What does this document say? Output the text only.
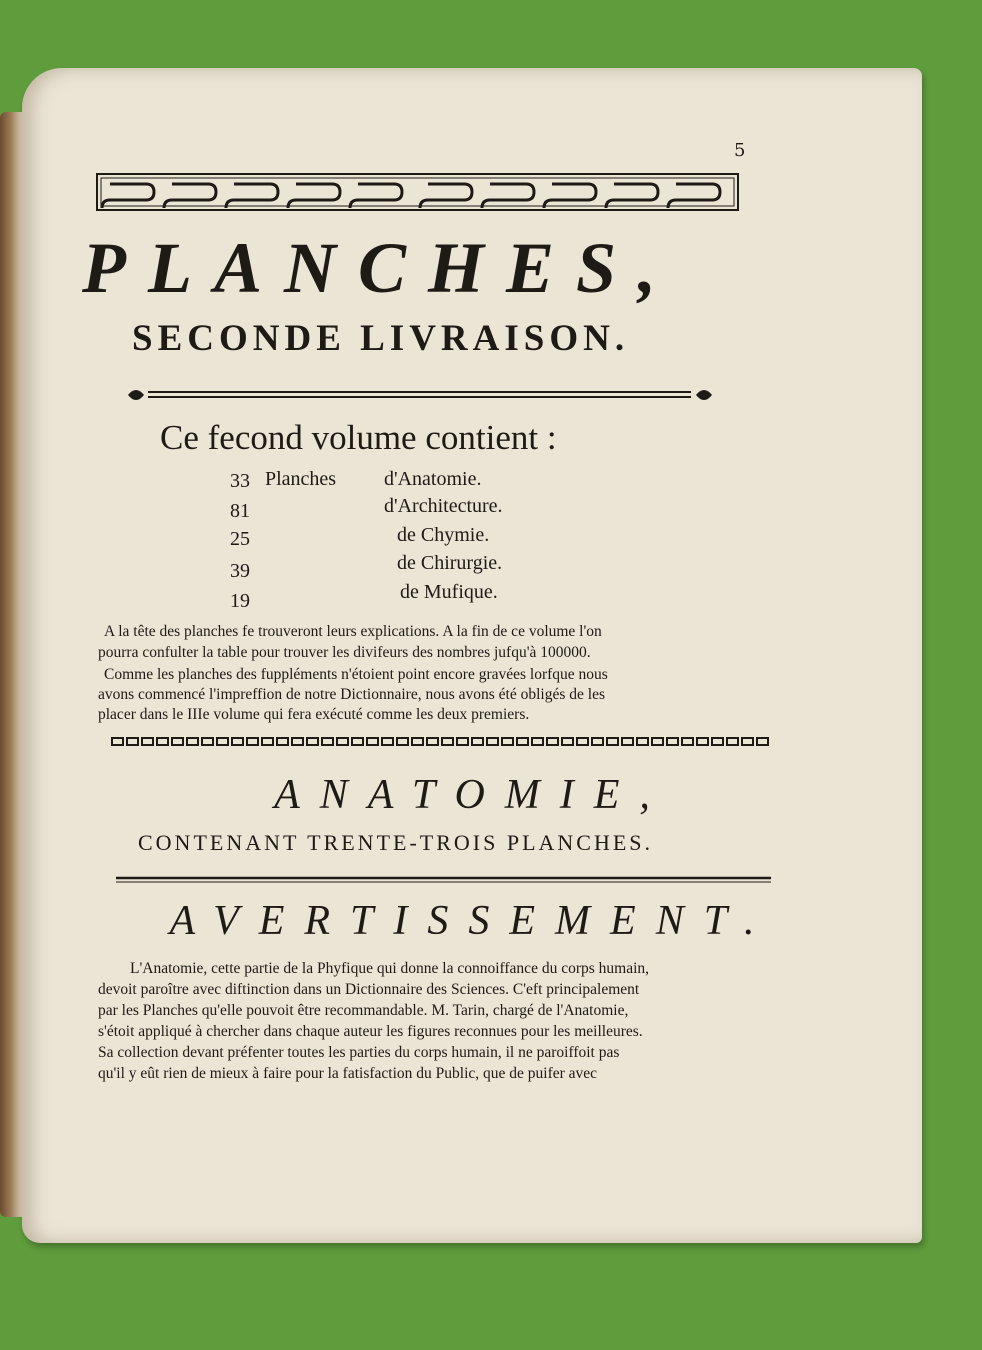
5
PLANCHES,
SECONDE LIVRAISON.
Ce fecond volume contient :
33 Planches d'Anatomie.
81	d'Architecture.
25	de Chymie.
39	de Chirurgie.
19	de Mufique.

A la tête des planches fe trouveront leurs explications. A la fin de ce volume l'on

pourra confulter la table pour trouver les divifeurs des nombres jufqu'à 100000.

Comme les planches des fuppléments n'étoient point encore gravées lorfque nous

avons commencé l'impreffion de notre Dictionnaire, nous avons été obligés de les

placer dans le IIIe volume qui fera exécuté comme les deux premiers.

ANATOMIE,

CONTENANT TRENTE-TROIS PLANCHES.

AVERTISSEMENT.

L'Anatomie, cette partie de la Phyfique qui donne la connoiffance du corps humain,

devoit paroître avec diftinction dans un Dictionnaire des Sciences. C'eft principalement

par les Planches qu'elle pouvoit être recommandable. M. Tarin, chargé de l'Anatomie,

s'étoit appliqué à chercher dans chaque auteur les figures reconnues pour les meilleures.

Sa collection devant préfenter toutes les parties du corps humain, il ne paroiffoit pas

qu'il y eût rien de mieux à faire pour la fatisfaction du Public, que de puifer avec
